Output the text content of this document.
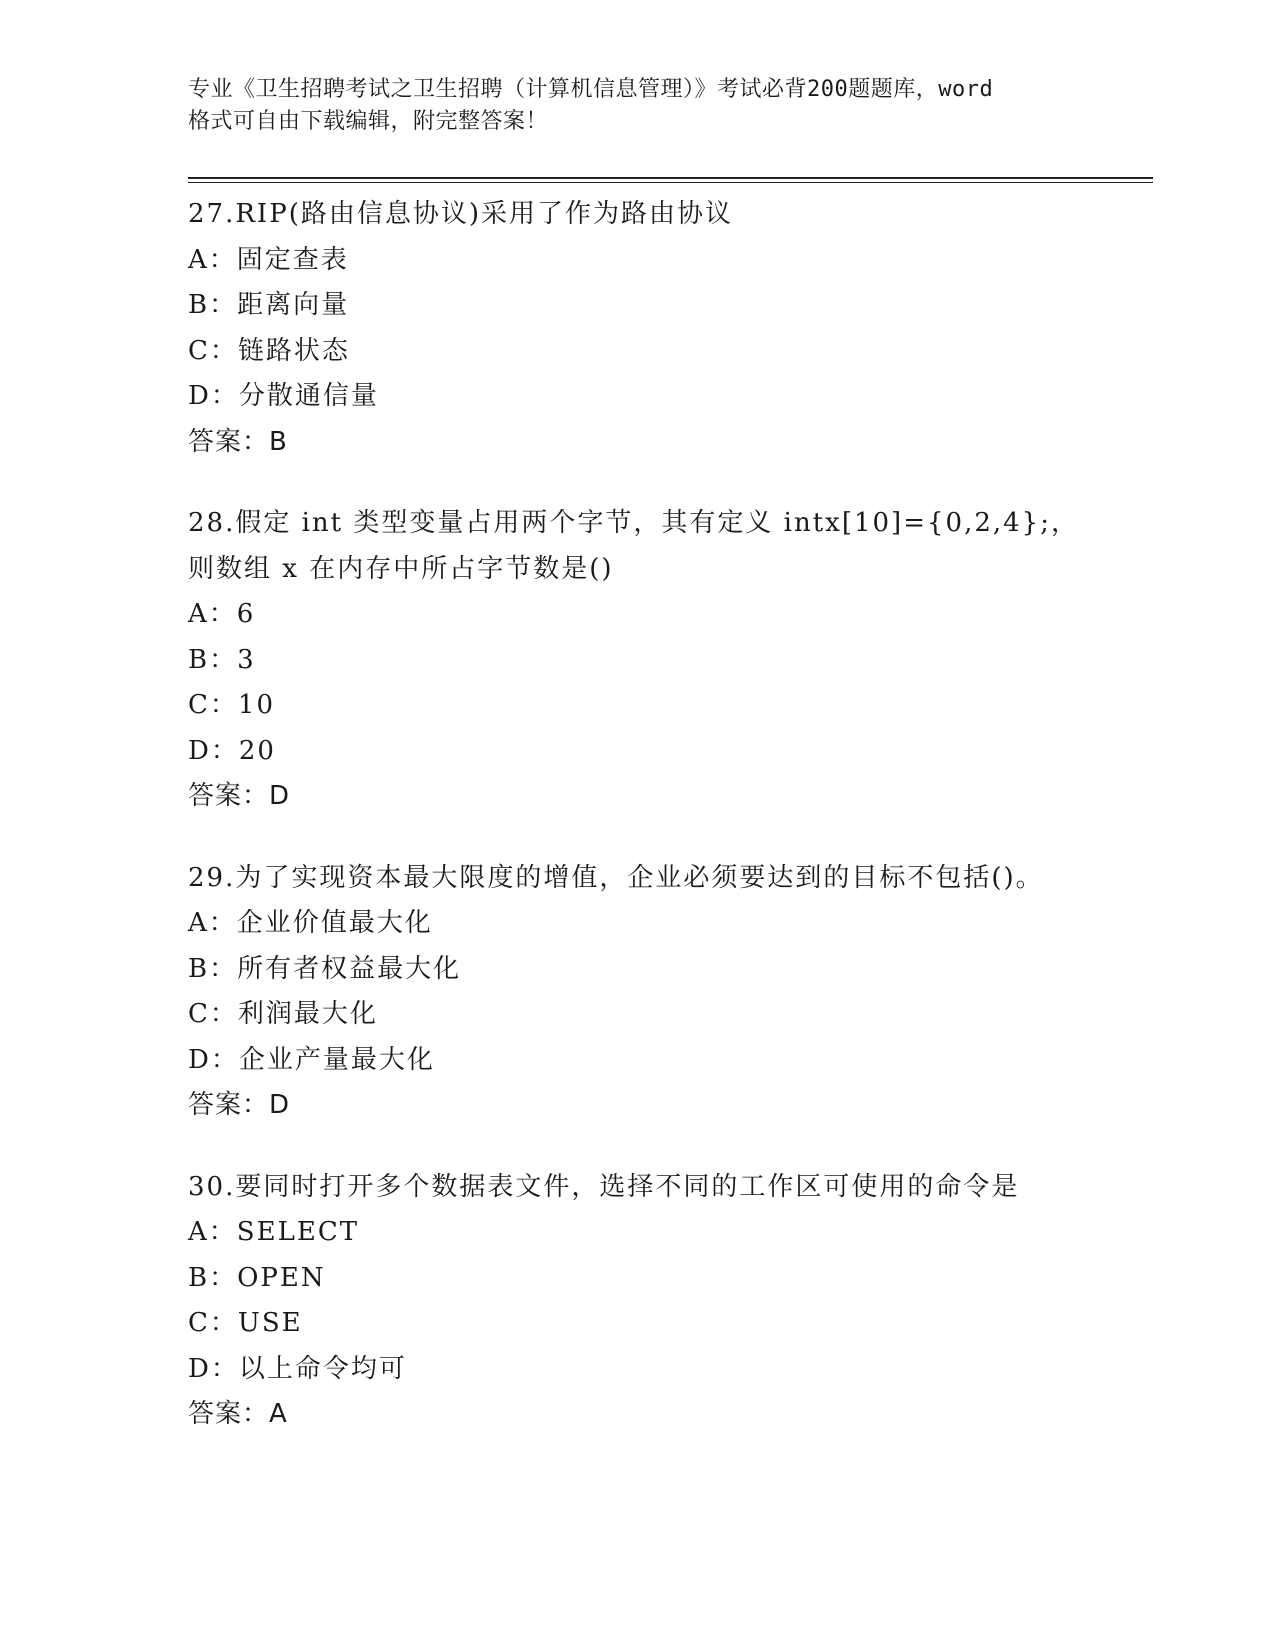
专业《卫生招聘考试之卫生招聘（计算机信息管理）》考试必背200题题库，word
格式可自由下载编辑，附完整答案！
27.RIP(路由信息协议)采用了作为路由协议
A：固定查表
B：距离向量
C：链路状态
D：分散通信量
答案：B
28.假定 int 类型变量占用两个字节，其有定义 intx[10]={0,2,4};，
则数组 x 在内存中所占字节数是()
A：6
B：3
C：10
D：20
答案：D
29.为了实现资本最大限度的增值，企业必须要达到的目标不包括()。
A：企业价值最大化
B：所有者权益最大化
C：利润最大化
D：企业产量最大化
答案：D
30.要同时打开多个数据表文件，选择不同的工作区可使用的命令是
A：SELECT
B：OPEN
C：USE
D：以上命令均可
答案：A
